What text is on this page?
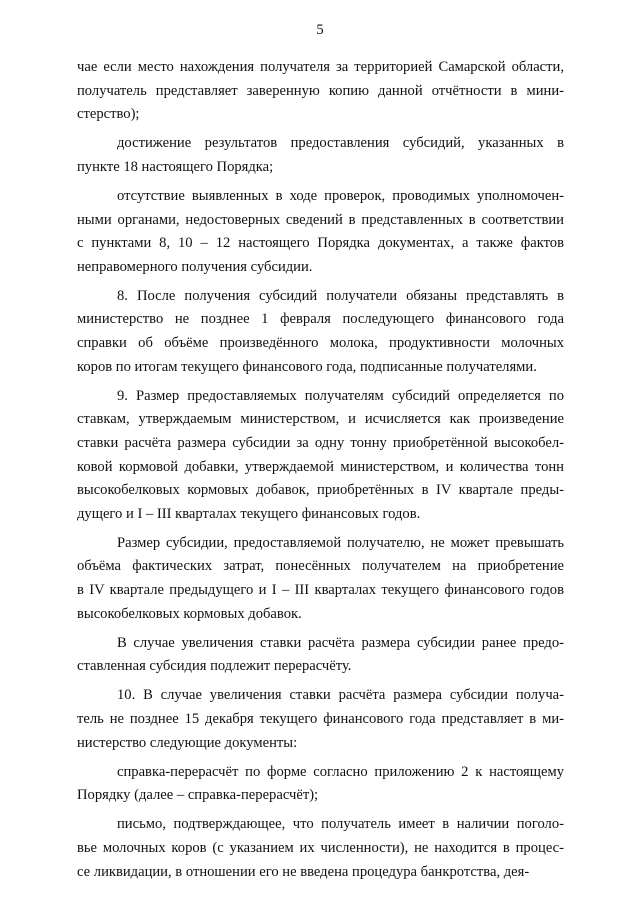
5
чае если место нахождения получателя за территорией Самарской области,
получатель представляет заверенную копию данной отчётности в мини-
стерство);
достижение результатов предоставления субсидий, указанных в
пункте 18 настоящего Порядка;
отсутствие выявленных в ходе проверок, проводимых уполномочен-
ными органами, недостоверных сведений в представленных в соответствии
с пунктами 8, 10 – 12 настоящего Порядка документах, а также фактов
неправомерного получения субсидии.
8. После получения субсидий получатели обязаны представлять в
министерство не позднее 1 февраля последующего финансового года
справки об объёме произведённого молока, продуктивности молочных
коров по итогам текущего финансового года, подписанные получателями.
9. Размер предоставляемых получателям субсидий определяется по
ставкам, утверждаемым министерством, и исчисляется как произведение
ставки расчёта размера субсидии за одну тонну приобретённой высокобел-
ковой кормовой добавки, утверждаемой министерством, и количества тонн
высокобелковых кормовых добавок, приобретённых в IV квартале преды-
дущего и I – III кварталах текущего финансовых годов.
Размер субсидии, предоставляемой получателю, не может превышать
объёма фактических затрат, понесённых получателем на приобретение
в IV квартале предыдущего и I – III кварталах текущего финансового годов
высокобелковых кормовых добавок.
В случае увеличения ставки расчёта размера субсидии ранее предо-
ставленная субсидия подлежит перерасчёту.
10. В случае увеличения ставки расчёта размера субсидии получа-
тель не позднее 15 декабря текущего финансового года представляет в ми-
нистерство следующие документы:
справка-перерасчёт по форме согласно приложению 2 к настоящему
Порядку (далее – справка-перерасчёт);
письмо, подтверждающее, что получатель имеет в наличии поголо-
вье молочных коров (с указанием их численности), не находится в процес-
се ликвидации, в отношении его не введена процедура банкротства, дея-
